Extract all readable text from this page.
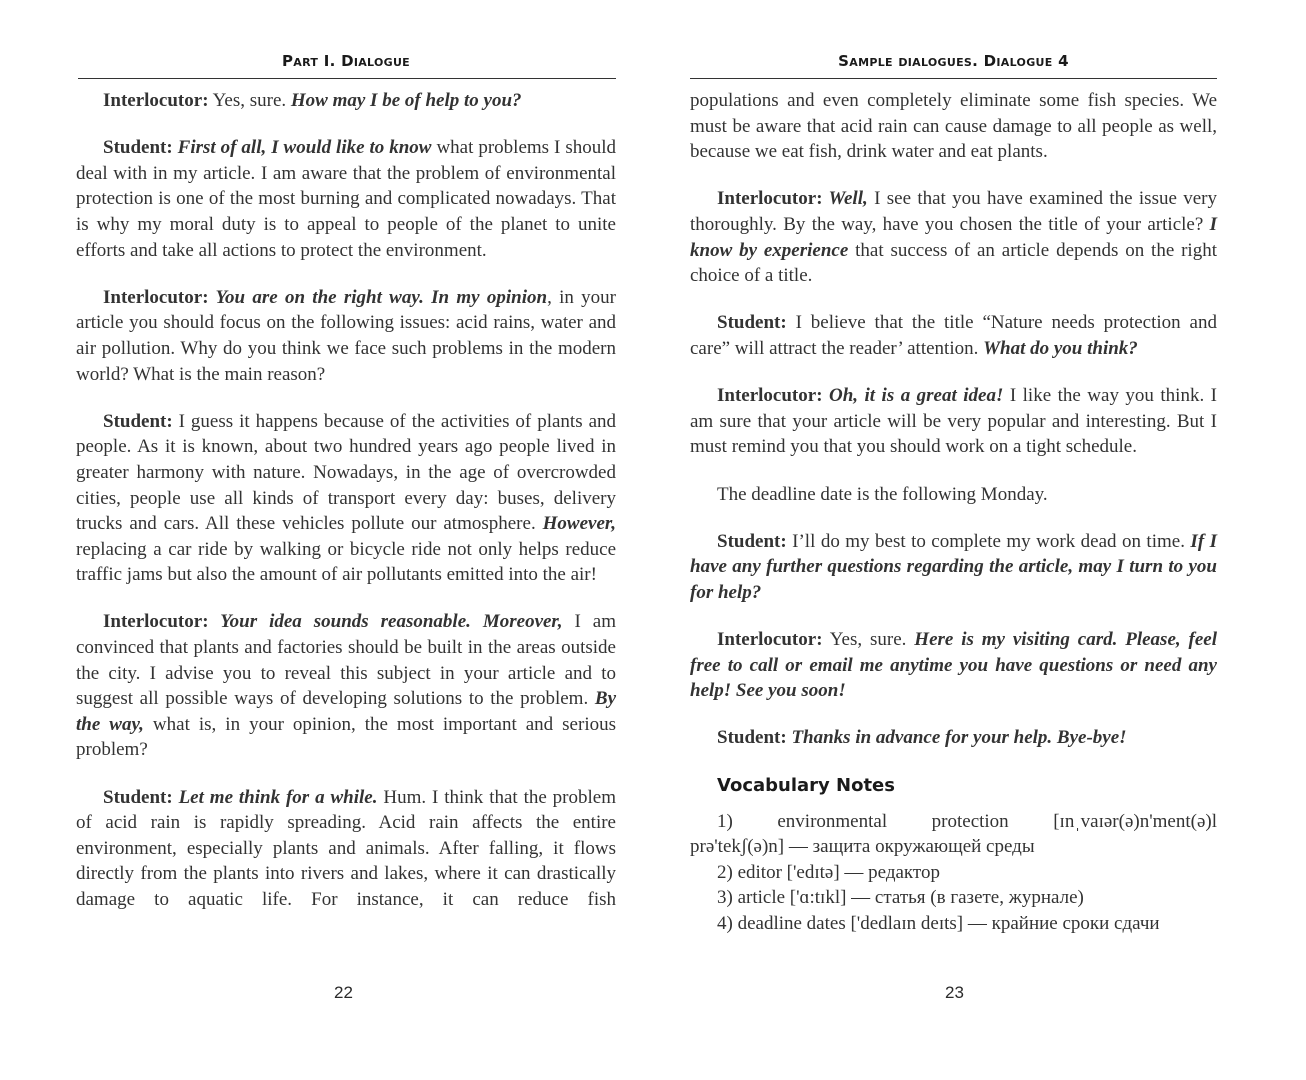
Part I. Dialogue

Interlocutor: Yes, sure. How may I be of help to you?

Student: First of all, I would like to know what problems I should deal with in my article. I am aware that the problem of environmental protection is one of the most burning and complicated nowadays. That is why my moral duty is to appeal to people of the planet to unite efforts and take all actions to protect the environment.

Interlocutor: You are on the right way. In my opinion, in your article you should focus on the following issues: acid rains, water and air pollution. Why do you think we face such problems in the modern world? What is the main reason?

Student: I guess it happens because of the activities of plants and people. As it is known, about two hundred years ago people lived in greater harmony with nature. Nowadays, in the age of overcrowded cities, people use all kinds of transport every day: buses, delivery trucks and cars. All these vehicles pollute our atmosphere. However, replacing a car ride by walking or bicycle ride not only helps reduce traffic jams but also the amount of air pollutants emitted into the air!

Interlocutor: Your idea sounds reasonable. Moreover, I am convinced that plants and factories should be built in the areas outside the city. I advise you to reveal this subject in your article and to suggest all possible ways of developing solutions to the problem. By the way, what is, in your opinion, the most important and serious problem?

Student: Let me think for a while. Hum. I think that the problem of acid rain is rapidly spreading. Acid rain affects the entire environment, especially plants and animals. After falling, it flows directly from the plants into rivers and lakes, where it can drastically damage to aquatic life. For instance, it can reduce fish

22
Sample dialogues. Dialogue 4

populations and even completely eliminate some fish species. We must be aware that acid rain can cause damage to all people as well, because we eat fish, drink water and eat plants.

Interlocutor: Well, I see that you have examined the issue very thoroughly. By the way, have you chosen the title of your article? I know by experience that success of an article depends on the right choice of a title.

Student: I believe that the title “Nature needs protection and care” will attract the reader’ attention. What do you think?

Interlocutor: Oh, it is a great idea! I like the way you think. I am sure that your article will be very popular and interesting. But I must remind you that you should work on a tight schedule.

The deadline date is the following Monday.

Student: I’ll do my best to complete my work dead on time. If I have any further questions regarding the article, may I turn to you for help?

Interlocutor: Yes, sure. Here is my visiting card. Please, feel free to call or email me anytime you have questions or need any help! See you soon!

Student: Thanks in advance for your help. Bye-bye!

Vocabulary Notes
1) environmental protection [ɪnˌvaɪər(ə)n'ment(ə)l
prə'tekʃ(ə)n] — защита окружающей среды
2) editor ['edɪtə] — редактор
3) article ['ɑ:tɪkl] — статья (в газете, журнале)
4) deadline dates ['dedlaɪn deɪts] — крайние сроки сдачи
23
